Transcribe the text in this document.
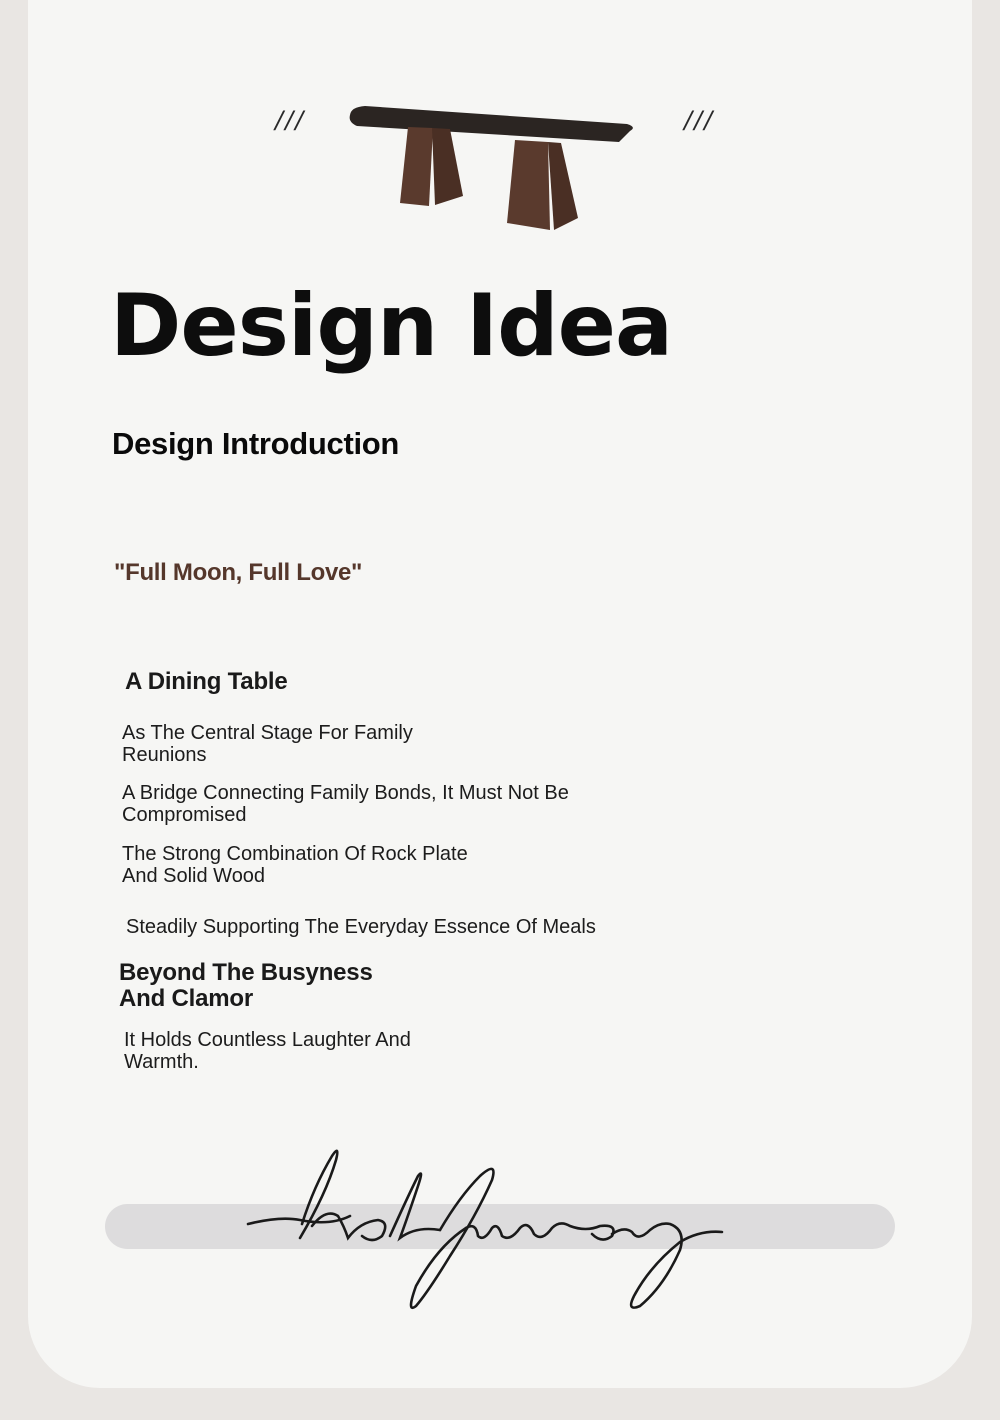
///	///
Design Idea
Design Introduction
"Full Moon, Full Love"
A Dining Table
As The Central Stage For Family Reunions
A Bridge Connecting Family Bonds, It Must Not Be Compromised
The Strong Combination Of Rock Plate And Solid Wood
Steadily Supporting The Everyday Essence Of Meals
Beyond The Busyness And Clamor
It Holds Countless Laughter And Warmth.
